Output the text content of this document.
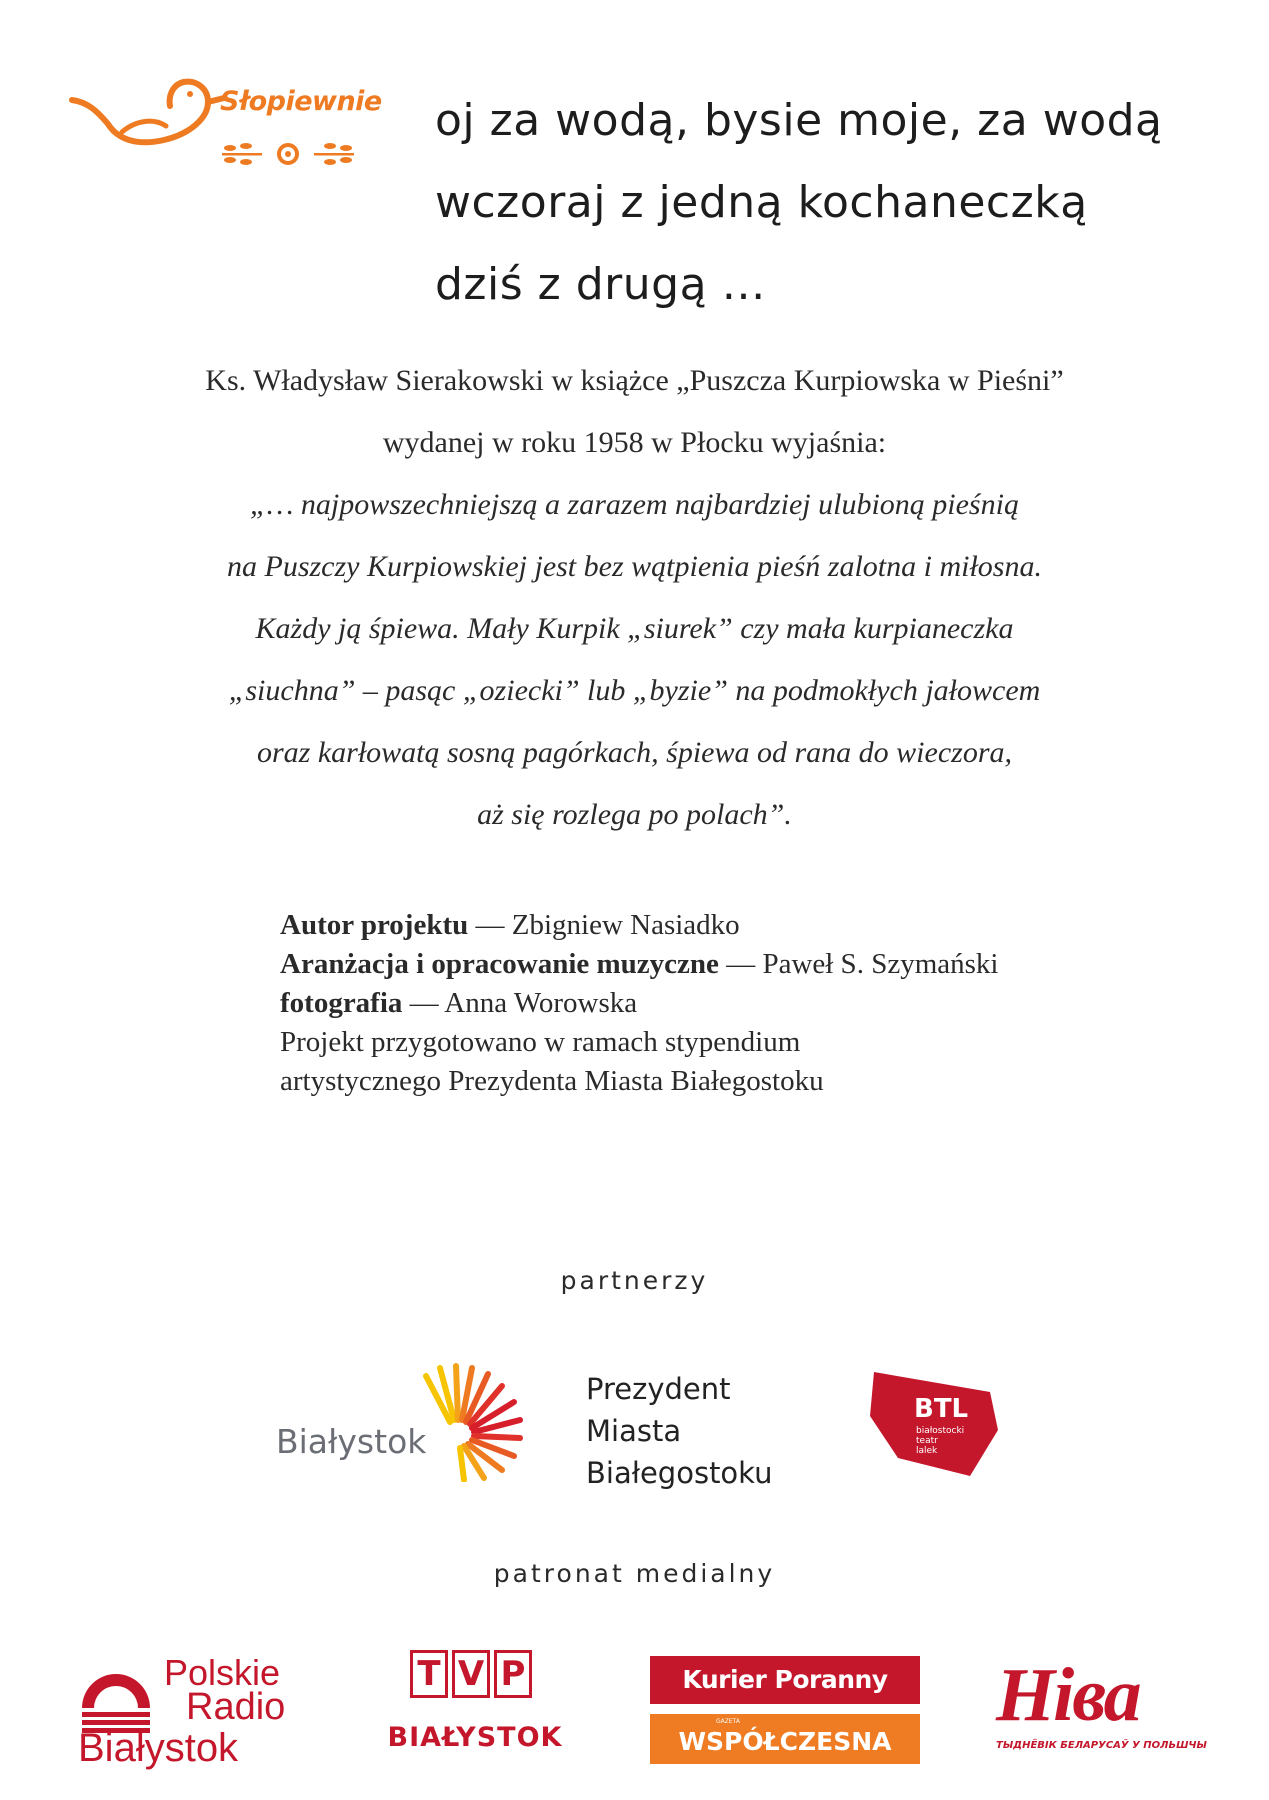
Słopiewnie oj za wodą, bysie moje, za wodą
wczoraj z jedną kochaneczką
dziś z drugą …
Ks. Władysław Sierakowski w książce „Puszcza Kurpiowska w Pieśni”
wydanej w roku 1958 w Płocku wyjaśnia:
„… najpowszechniejszą a zarazem najbardziej ulubioną pieśnią
na Puszczy Kurpiowskiej jest bez wątpienia pieśń zalotna i miłosna.
Każdy ją śpiewa. Mały Kurpik „siurek” czy mała kurpianeczka
„siuchna” – pasąc „oziecki” lub „byzie” na podmokłych jałowcem
oraz karłowatą sosną pagórkach, śpiewa od rana do wieczora,
aż się rozlega po polach”.
Autor projektu — Zbigniew Nasiadko
Aranżacja i opracowanie muzyczne — Paweł S. Szymański
fotografia — Anna Worowska
Projekt przygotowano w ramach stypendium
artystycznego Prezydenta Miasta Białegostoku
partnerzy
Białystok
Prezydent
Miasta
Białegostoku
BTL
białostocki
teatr
lalek
patronat medialny
Polskie
Radio
Białystok
T V P
BIAŁYSTOK
Kurier Poranny
WSPÓŁCZESNA
GAZETA	Ніва
ТЫДНЁВІК БЕЛАРУСАЎ У ПОЛЬШЧЫ
